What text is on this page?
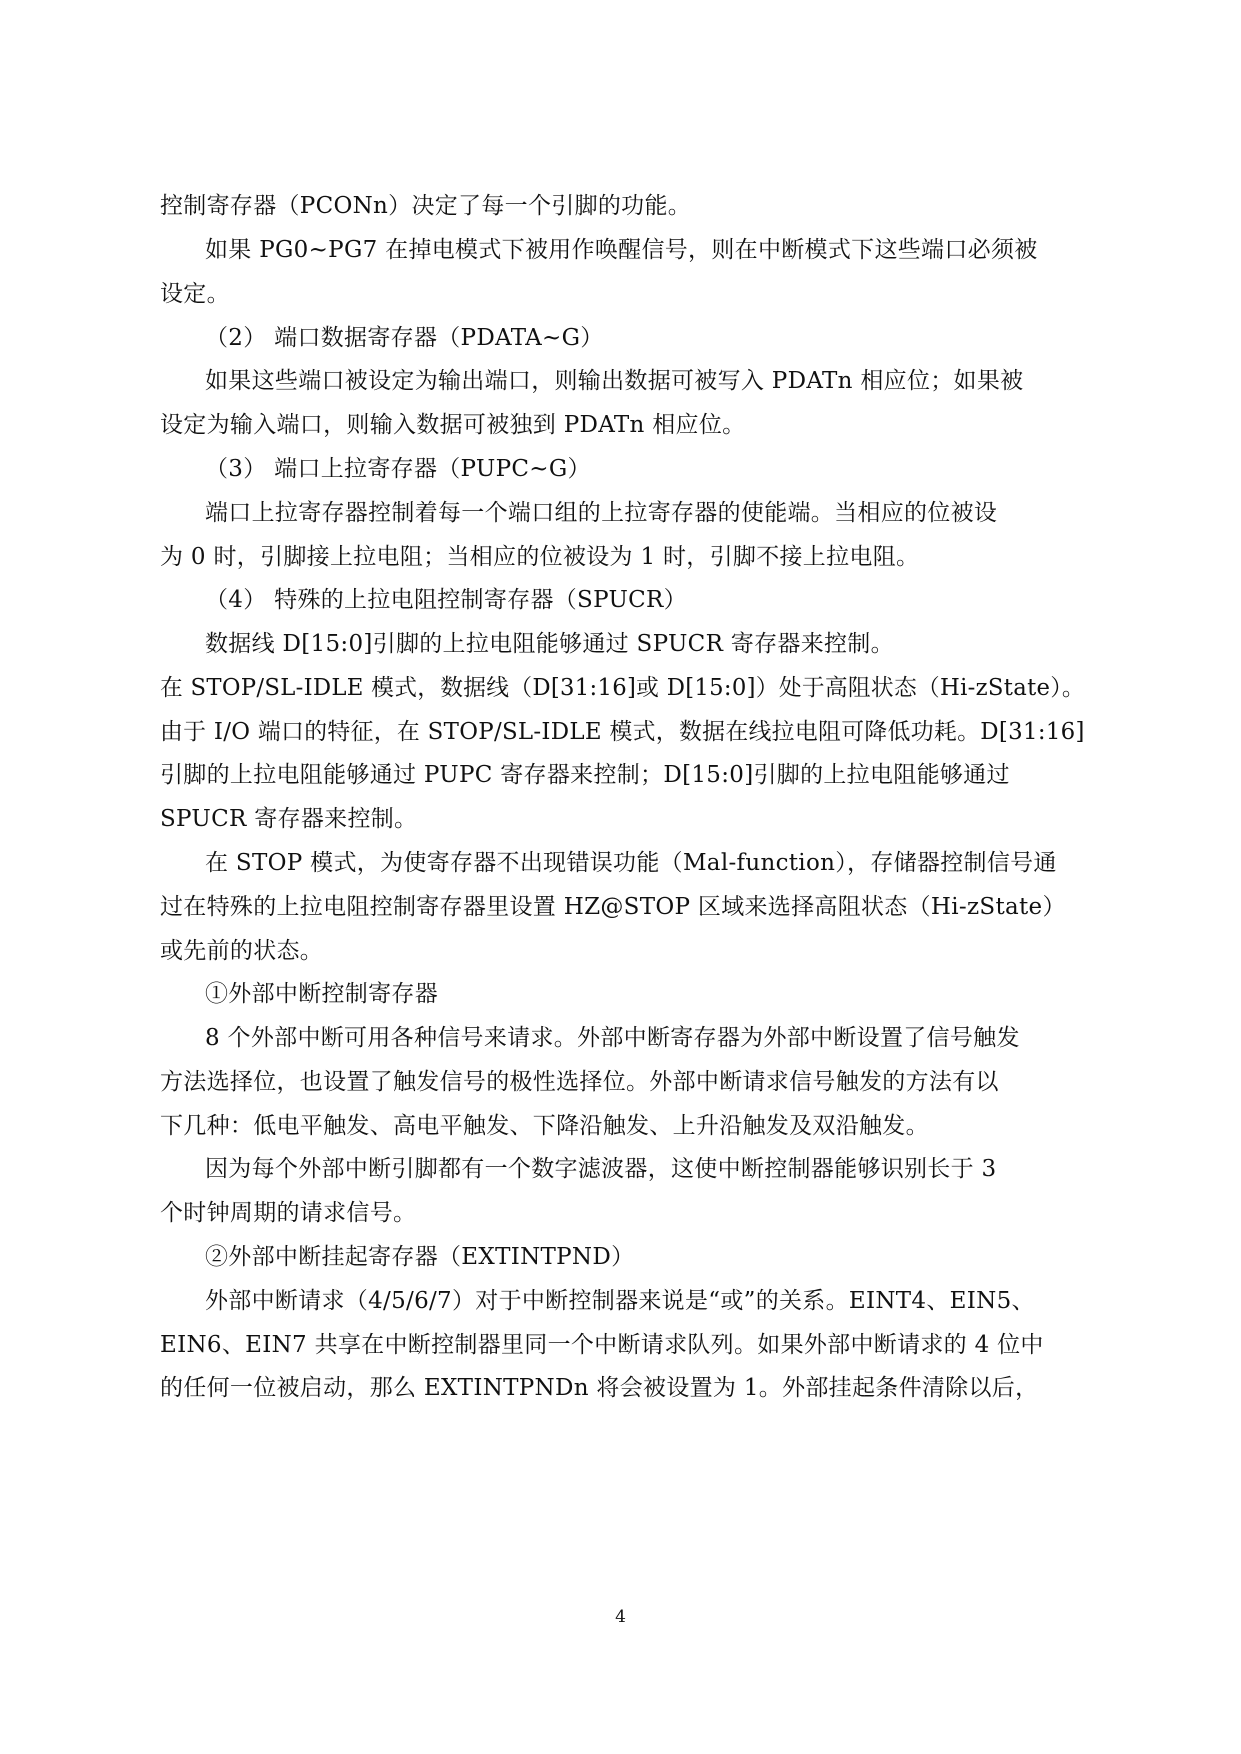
控制寄存器（PCONn）决定了每一个引脚的功能。
如果 PG0~PG7 在掉电模式下被用作唤醒信号，则在中断模式下这些端口必须被
设定。
（2） 端口数据寄存器（PDATA~G）
如果这些端口被设定为输出端口，则输出数据可被写入 PDATn 相应位；如果被
设定为输入端口，则输入数据可被独到 PDATn 相应位。
（3） 端口上拉寄存器（PUPC~G）
端口上拉寄存器控制着每一个端口组的上拉寄存器的使能端。当相应的位被设
为 0 时，引脚接上拉电阻；当相应的位被设为 1 时，引脚不接上拉电阻。
（4） 特殊的上拉电阻控制寄存器（SPUCR）
数据线 D[15:0]引脚的上拉电阻能够通过 SPUCR 寄存器来控制。
在 STOP/SL-IDLE 模式，数据线（D[31:16]或 D[15:0]）处于高阻状态（Hi-zState）。
由于 I/O 端口的特征，在 STOP/SL-IDLE 模式，数据在线拉电阻可降低功耗。D[31:16]
引脚的上拉电阻能够通过 PUPC 寄存器来控制；D[15:0]引脚的上拉电阻能够通过
SPUCR 寄存器来控制。
在 STOP 模式，为使寄存器不出现错误功能（Mal-function），存储器控制信号通
过在特殊的上拉电阻控制寄存器里设置 HZ@STOP 区域来选择高阻状态（Hi-zState）
或先前的状态。
①外部中断控制寄存器
8 个外部中断可用各种信号来请求。外部中断寄存器为外部中断设置了信号触发
方法选择位，也设置了触发信号的极性选择位。外部中断请求信号触发的方法有以
下几种：低电平触发、高电平触发、下降沿触发、上升沿触发及双沿触发。
因为每个外部中断引脚都有一个数字滤波器，这使中断控制器能够识别长于 3
个时钟周期的请求信号。
②外部中断挂起寄存器（EXTINTPND）
外部中断请求（4/5/6/7）对于中断控制器来说是“或”的关系。EINT4、EIN5、
EIN6、EIN7 共享在中断控制器里同一个中断请求队列。如果外部中断请求的 4 位中
的任何一位被启动，那么 EXTINTPNDn 将会被设置为 1。外部挂起条件清除以后，
4
